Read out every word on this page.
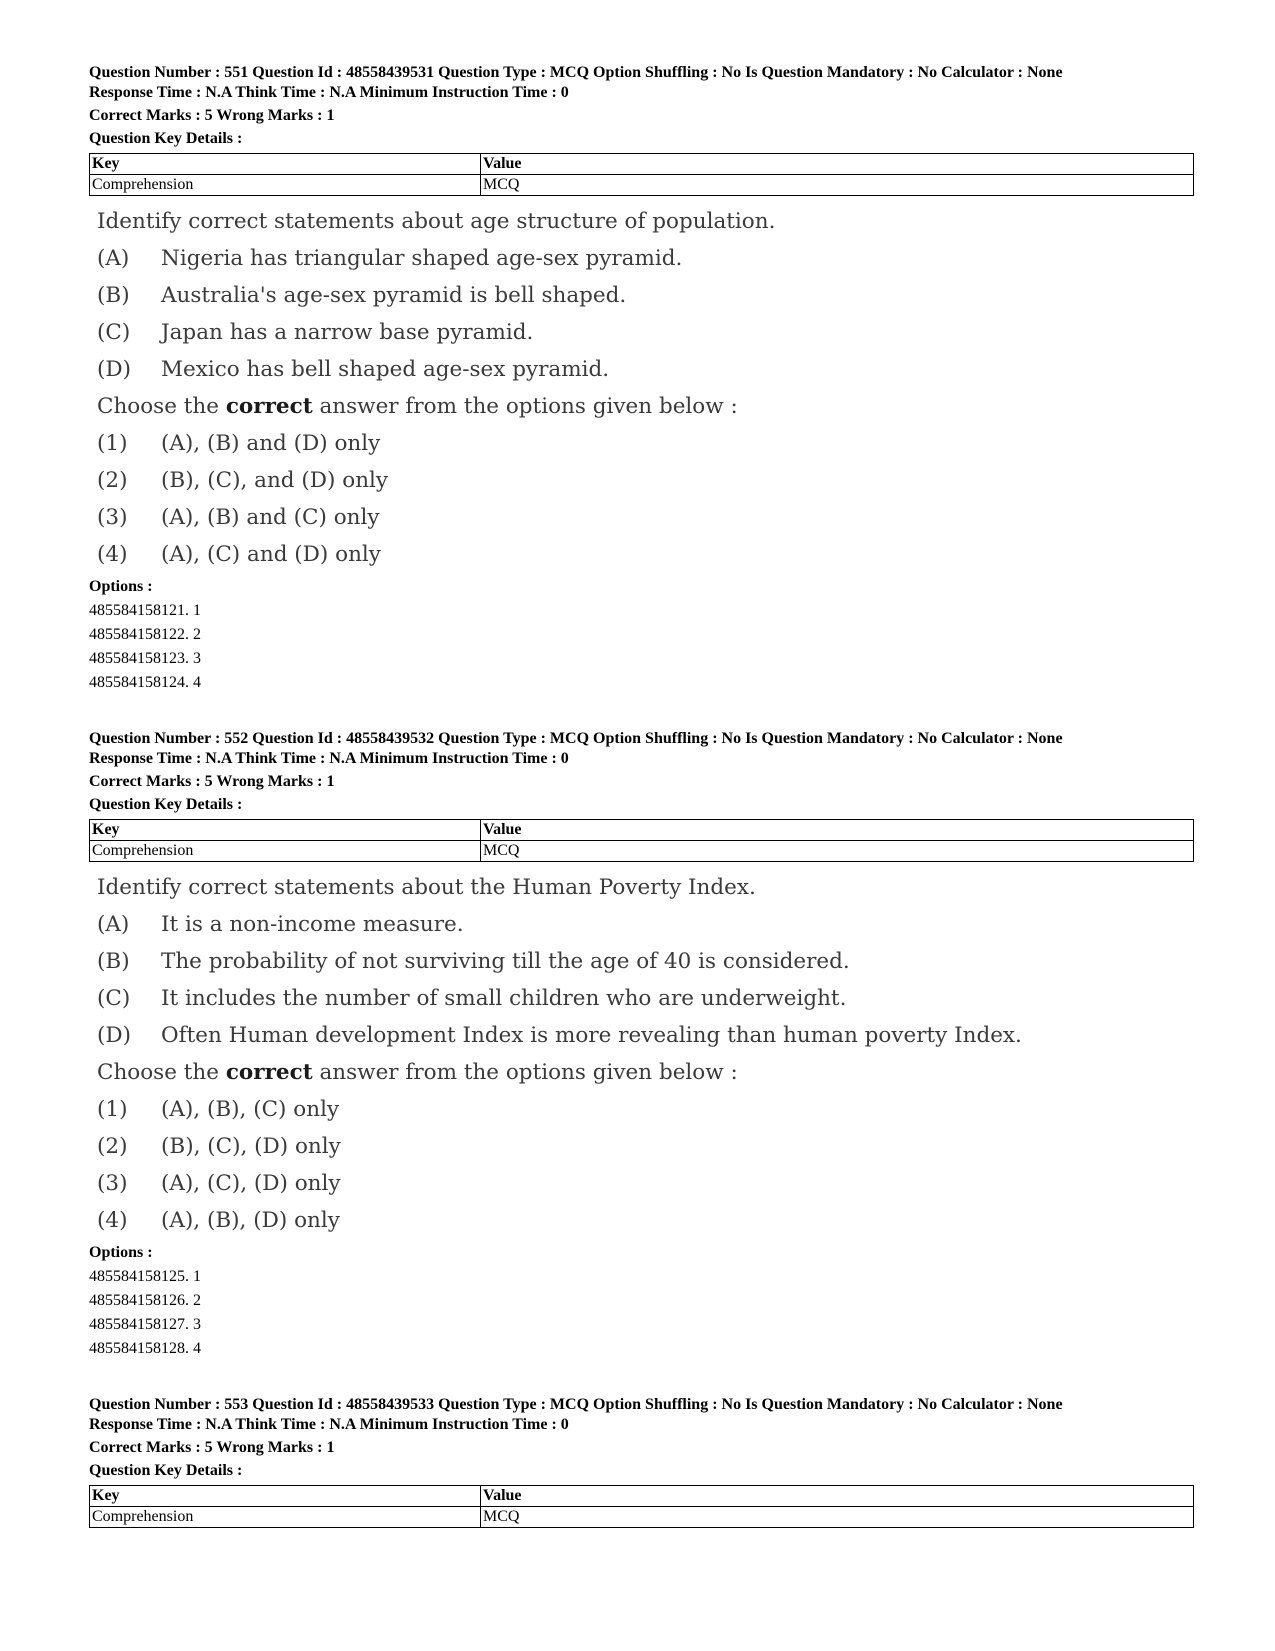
Question Number : 551 Question Id : 48558439531 Question Type : MCQ Option Shuffling : No Is Question Mandatory : No Calculator : None

Response Time : N.A Think Time : N.A Minimum Instruction Time : 0

Correct Marks : 5 Wrong Marks : 1

Question Key Details :

Key	Value
Comprehension	MCQ
Identify correct statements about age structure of population.
(A) Nigeria has triangular shaped age-sex pyramid.
(B) Australia's age-sex pyramid is bell shaped.
(C) Japan has a narrow base pyramid.
(D) Mexico has bell shaped age-sex pyramid.
Choose the correct answer from the options given below :
(1) (A), (B) and (D) only
(2) (B), (C), and (D) only
(3) (A), (B) and (C) only
(4) (A), (C) and (D) only
Options :
485584158121. 1
485584158122. 2
485584158123. 3
485584158124. 4

Question Number : 552 Question Id : 48558439532 Question Type : MCQ Option Shuffling : No Is Question Mandatory : No Calculator : None

Response Time : N.A Think Time : N.A Minimum Instruction Time : 0

Correct Marks : 5 Wrong Marks : 1

Question Key Details :

Key	Value
Comprehension	MCQ
Identify correct statements about the Human Poverty Index.
(A) It is a non-income measure.
(B) The probability of not surviving till the age of 40 is considered.
(C) It includes the number of small children who are underweight.
(D) Often Human development Index is more revealing than human poverty Index.
Choose the correct answer from the options given below :
(1) (A), (B), (C) only
(2) (B), (C), (D) only
(3) (A), (C), (D) only
(4) (A), (B), (D) only
Options :
485584158125. 1
485584158126. 2
485584158127. 3
485584158128. 4

Question Number : 553 Question Id : 48558439533 Question Type : MCQ Option Shuffling : No Is Question Mandatory : No Calculator : None

Response Time : N.A Think Time : N.A Minimum Instruction Time : 0

Correct Marks : 5 Wrong Marks : 1

Question Key Details :

Key	Value
Comprehension	MCQ
